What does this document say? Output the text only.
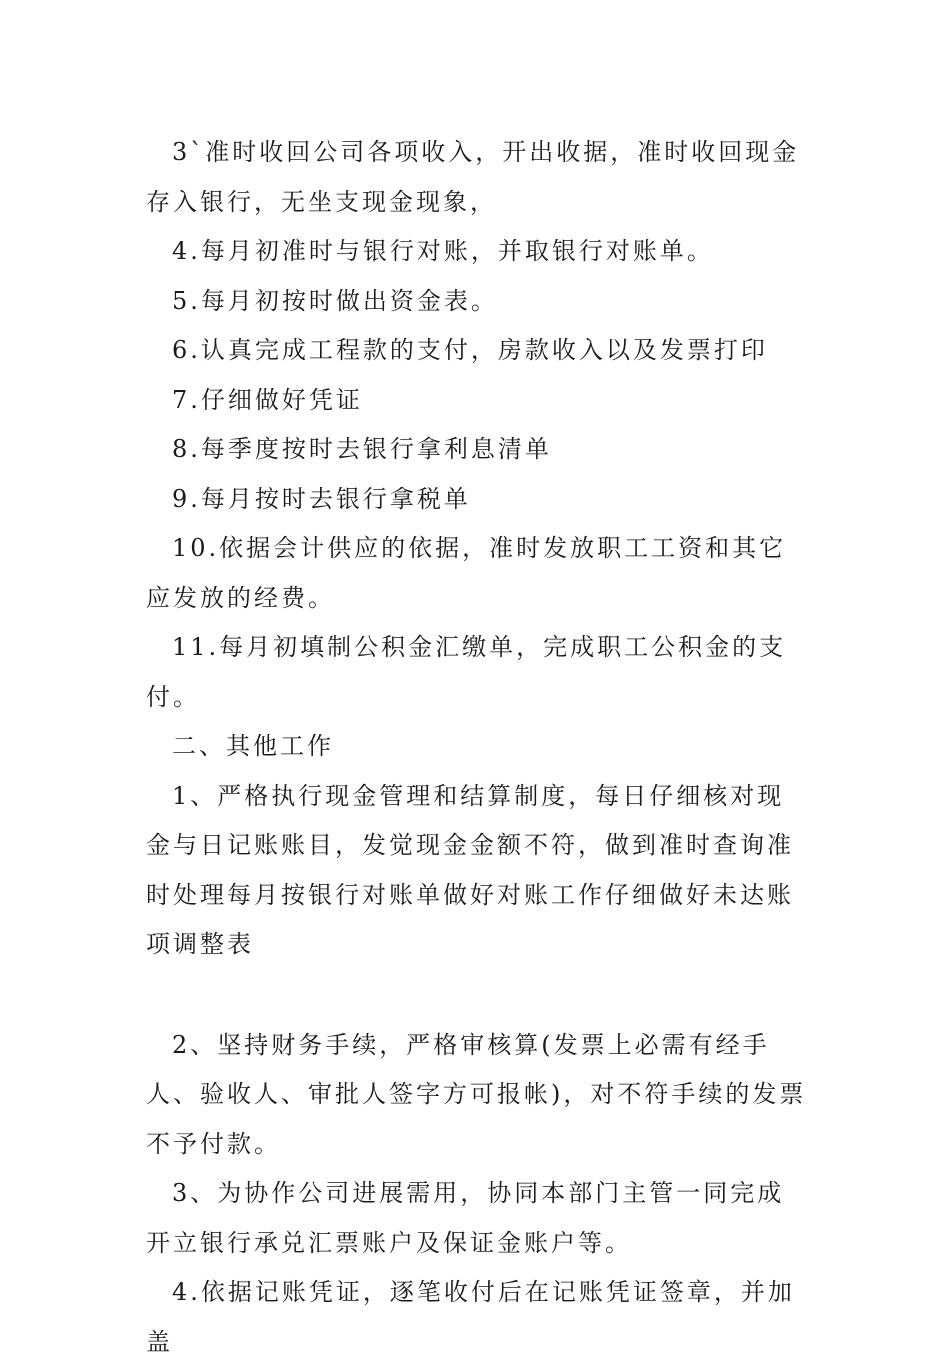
3`准时收回公司各项收入，开出收据，准时收回现金存入银行，无坐支现金现象，

4.每月初准时与银行对账，并取银行对账单。

5.每月初按时做出资金表。

6.认真完成工程款的支付，房款收入以及发票打印

7.仔细做好凭证

8.每季度按时去银行拿利息清单

9.每月按时去银行拿税单

10.依据会计供应的依据，准时发放职工工资和其它应发放的经费。

11.每月初填制公积金汇缴单，完成职工公积金的支付。

二、其他工作

1、严格执行现金管理和结算制度，每日仔细核对现金与日记账账目，发觉现金金额不符，做到准时查询准时处理每月按银行对账单做好对账工作仔细做好未达账项调整表

2、坚持财务手续，严格审核算(发票上必需有经手人、验收人、审批人签字方可报帐)，对不符手续的发票不予付款。

3、为协作公司进展需用，协同本部门主管一同完成开立银行承兑汇票账户及保证金账户等。

4.依据记账凭证，逐笔收付后在记账凭证签章，并加盖
